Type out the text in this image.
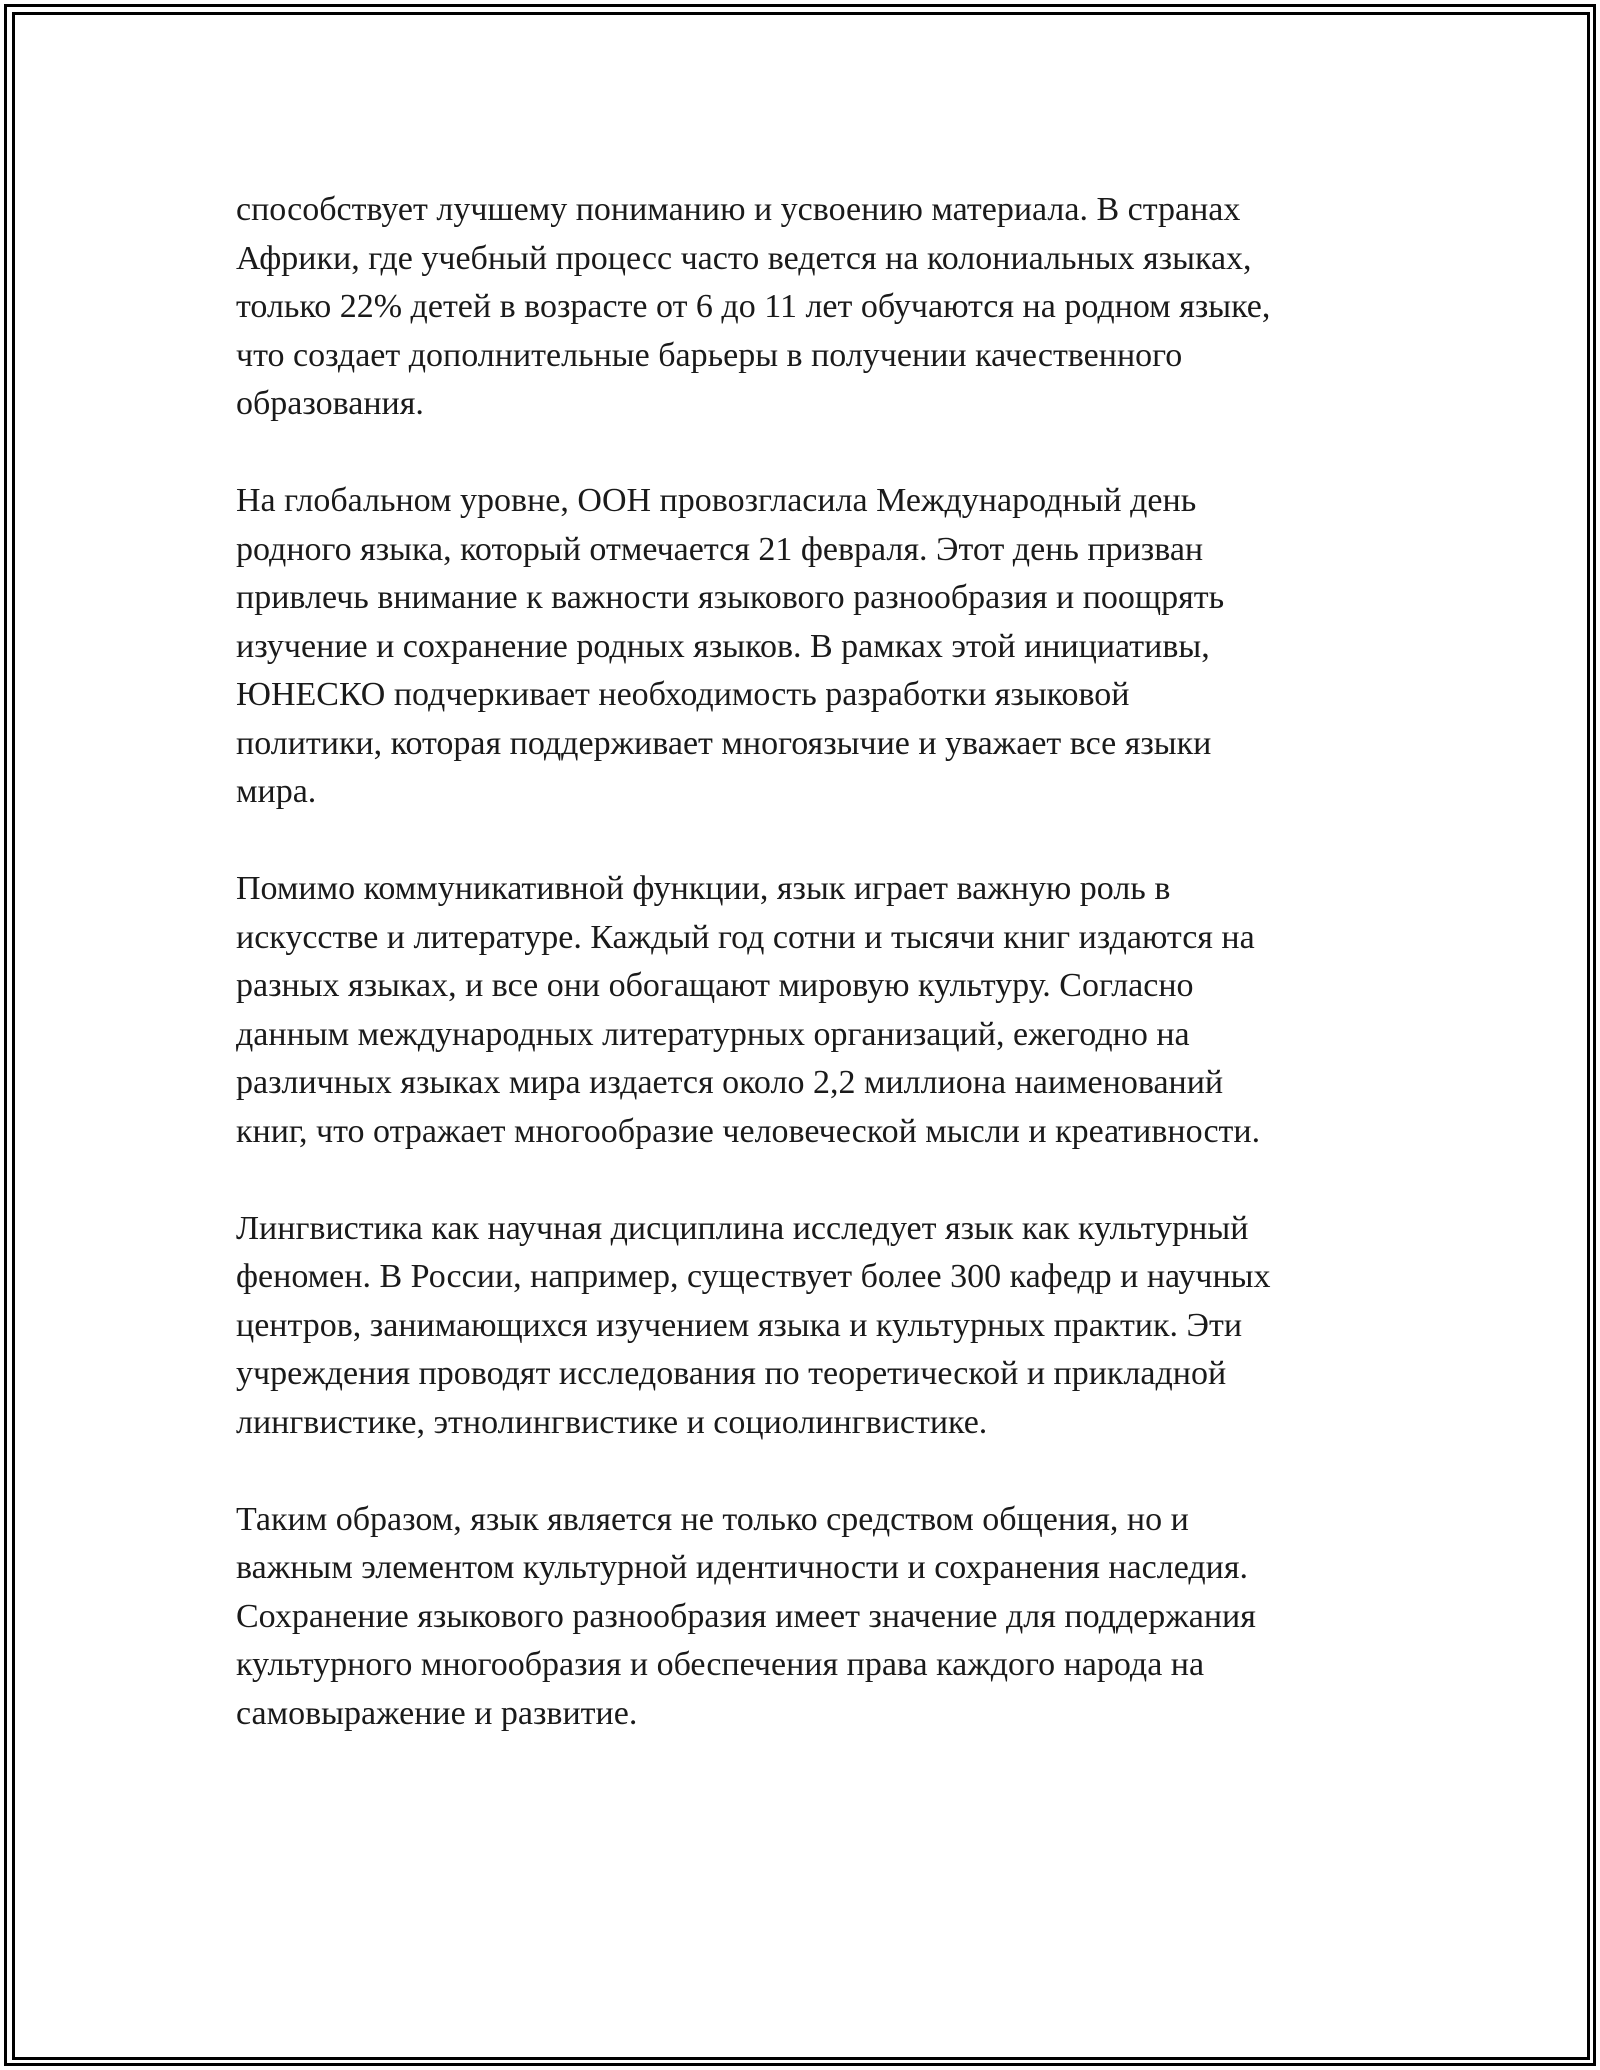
способствует лучшему пониманию и усвоению материала. В странах
Африки, где учебный процесс часто ведется на колониальных языках,
только 22% детей в возрасте от 6 до 11 лет обучаются на родном языке,
что создает дополнительные барьеры в получении качественного
образования.

На глобальном уровне, ООН провозгласила Международный день
родного языка, который отмечается 21 февраля. Этот день призван
привлечь внимание к важности языкового разнообразия и поощрять
изучение и сохранение родных языков. В рамках этой инициативы,
ЮНЕСКО подчеркивает необходимость разработки языковой
политики, которая поддерживает многоязычие и уважает все языки
мира.

Помимо коммуникативной функции, язык играет важную роль в
искусстве и литературе. Каждый год сотни и тысячи книг издаются на
разных языках, и все они обогащают мировую культуру. Согласно
данным международных литературных организаций, ежегодно на
различных языках мира издается около 2,2 миллиона наименований
книг, что отражает многообразие человеческой мысли и креативности.

Лингвистика как научная дисциплина исследует язык как культурный
феномен. В России, например, существует более 300 кафедр и научных
центров, занимающихся изучением языка и культурных практик. Эти
учреждения проводят исследования по теоретической и прикладной
лингвистике, этнолингвистике и социолингвистике.

Таким образом, язык является не только средством общения, но и
важным элементом культурной идентичности и сохранения наследия.
Сохранение языкового разнообразия имеет значение для поддержания
культурного многообразия и обеспечения права каждого народа на
самовыражение и развитие.
